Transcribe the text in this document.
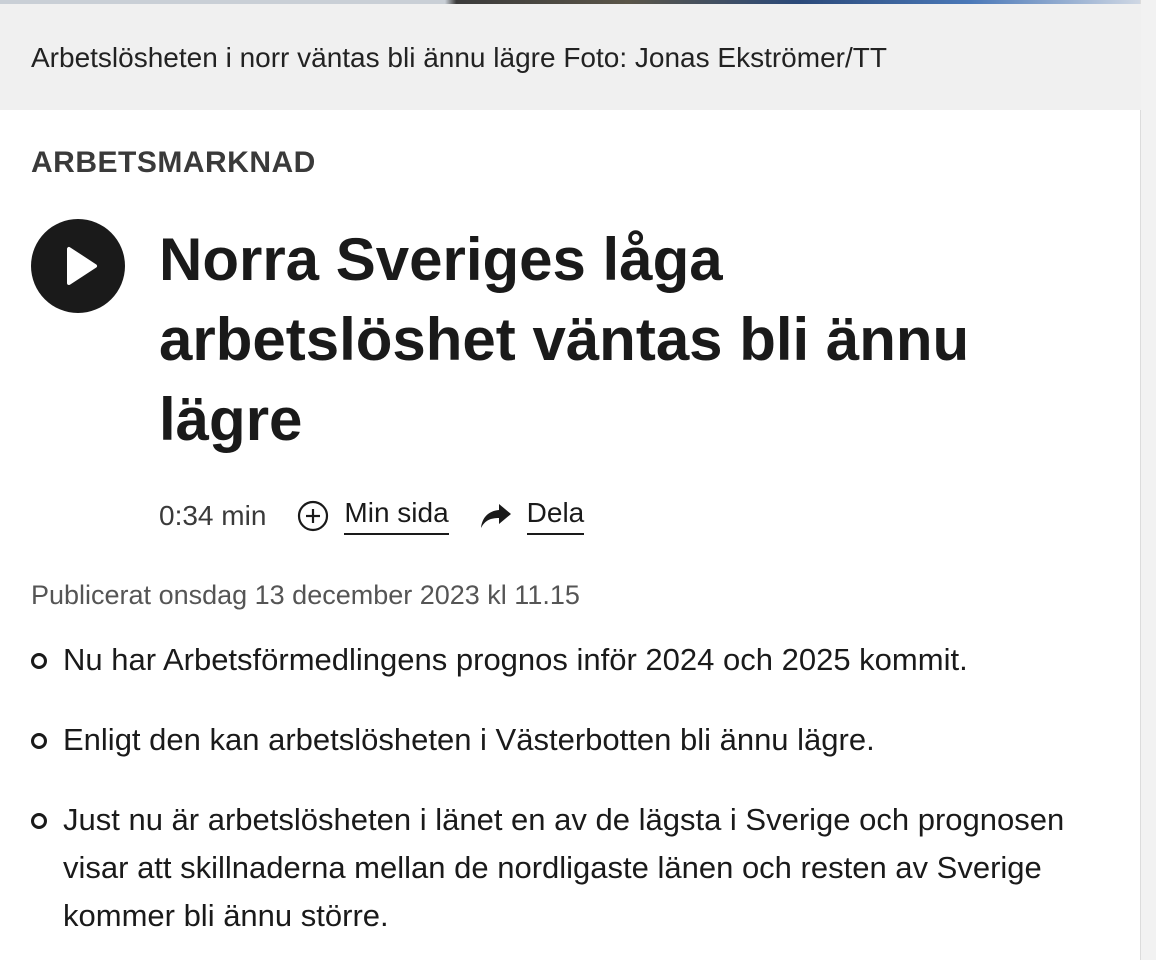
Arbetslösheten i norr väntas bli ännu lägre Foto: Jonas Ekströmer/TT
ARBETSMARKNAD
Norra Sveriges låga arbetslöshet väntas bli ännu lägre
0:34 min	Min sida	Dela
Publicerat onsdag 13 december 2023 kl 11.15
Nu har Arbetsförmedlingens prognos inför 2024 och 2025 kommit.
Enligt den kan arbetslösheten i Västerbotten bli ännu lägre.
Just nu är arbetslösheten i länet en av de lägsta i Sverige och prognosen visar att skillnaderna mellan de nordligaste länen och resten av Sverige kommer bli ännu större.
